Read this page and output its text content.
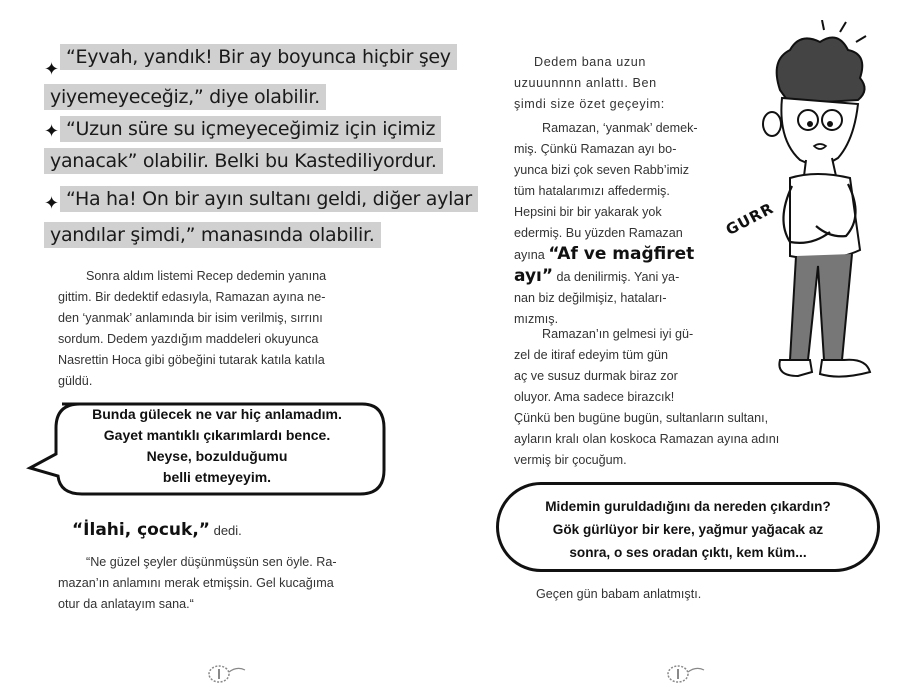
✦
“Eyvah, yandık! Bir ay boyunca hiçbir şey
yiyemeyeceğiz,” diye olabilir.
✦ “Uzun süre su içmeyeceğimiz için içimiz
yanacak” olabilir. Belki bu Kastediliyordur.
✦ “Ha ha! On bir ayın sultanı geldi, diğer aylar
yandılar şimdi,” manasında olabilir.

Sonra aldım listemi Recep dedemin yanına

gittim. Bir dedektif edasıyla, Ramazan ayına ne-

den ‘yanmak’ anlamında bir isim verilmiş, sırrını

sordum. Dedem yazdığım maddeleri okuyunca

Nasrettin Hoca gibi göbeğini tutarak katıla katıla

güldü.

Bunda gülecek ne var hiç anlamadım.
Gayet mantıklı çıkarımlardı bence.
Neyse, bozulduğumu
belli etmeyeyim.
“İlahi, çocuk,” dedi.

“Ne güzel şeyler düşünmüşsün sen öyle. Ra-

mazan’ın anlamını merak etmişsin. Gel kucağıma

otur da anlatayım sana.“

Dedem bana uzun

uzuuunnnn anlattı. Ben

şimdi size özet geçeyim:

Ramazan, ‘yanmak’ demek-

miş. Çünkü Ramazan ayı bo-

yunca bizi çok seven Rabb’imiz

tüm hatalarımızı affedermiş.

Hepsini bir bir yakarak yok

edermiş. Bu yüzden Ramazan

ayına “Af ve mağfiret

ayı” da denilirmiş. Yani ya-

nan biz değilmişiz, hataları-

mızmış.

Ramazan’ın gelmesi iyi gü-

zel de itiraf edeyim tüm gün

aç ve susuz durmak biraz zor

oluyor. Ama sadece birazcık!

Çünkü ben bugüne bugün, sultanların sultanı,

ayların kralı olan koskoca Ramazan ayına adını

vermiş bir çocuğum.

GURR
Midemin guruldadığını da nereden çıkardın?
Gök gürlüyor bir kere, yağmur yağacak az
sonra, o ses oradan çıktı, kem küm...
Geçen gün babam anlatmıştı.
